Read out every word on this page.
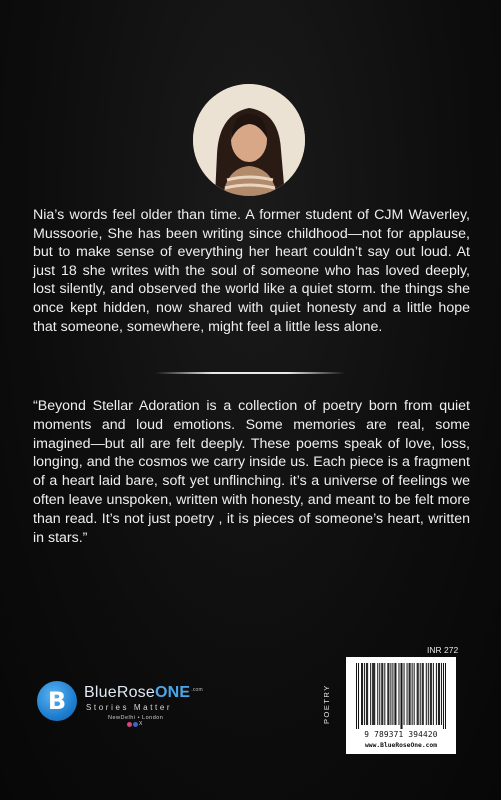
Nia’s words feel older than time. A former student of CJM Waverley, Mussoorie, She has been writing since childhood—not for applause, but to make sense of everything her heart couldn’t say out loud. At just 18 she writes with the soul of someone who has loved deeply, lost silently, and observed the world like a quiet storm. the things she once kept hidden, now shared with quiet honesty and a little hope that someone, somewhere, might feel a little less alone.
“Beyond Stellar Adoration is a collection of poetry born from quiet moments and loud emotions. Some memories are real, some imagined—but all are felt deeply. These poems speak of love, loss, longing, and the cosmos we carry inside us. Each piece is a fragment of a heart laid bare, soft yet unflinching. it’s a universe of feelings we often leave unspoken, written with honesty, and meant to be felt more than read. It’s not just poetry , it is pieces of someone’s heart, written in stars.”
B BlueRoseONE$^{.com}$
Stories Matter
NewDelhi • London
X	POETRY
INR 272
9 789371 394420
www.BlueRoseOne.com
